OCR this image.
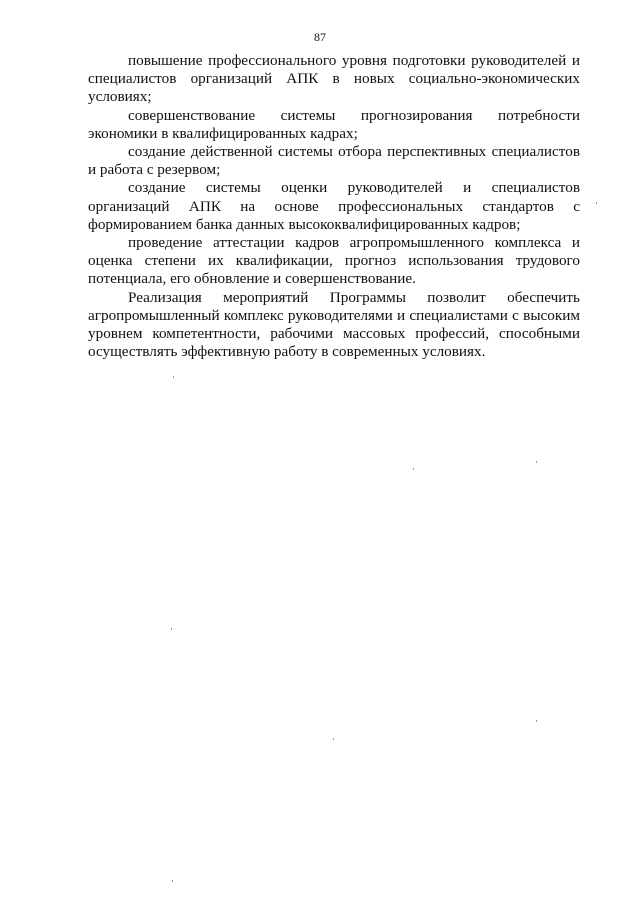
87

повышение профессионального уровня подготовки руководителей и специалистов организаций АПК в новых социально-экономических условиях;

совершенствование системы прогнозирования потребности экономики в квалифицированных кадрах;

создание действенной системы отбора перспективных специалистов и работа с резервом;

создание системы оценки руководителей и специалистов организаций АПК на основе профессиональных стандартов с формированием банка данных высококвалифицированных кадров;

проведение аттестации кадров агропромышленного комплекса и оценка степени их квалификации, прогноз использования трудового потенциала, его обновление и совершенствование.

Реализация мероприятий Программы позволит обеспечить агропромышленный комплекс руководителями и специалистами с высоким уровнем компетентности, рабочими массовых профессий, способными осуществлять эффективную работу в современных условиях.
